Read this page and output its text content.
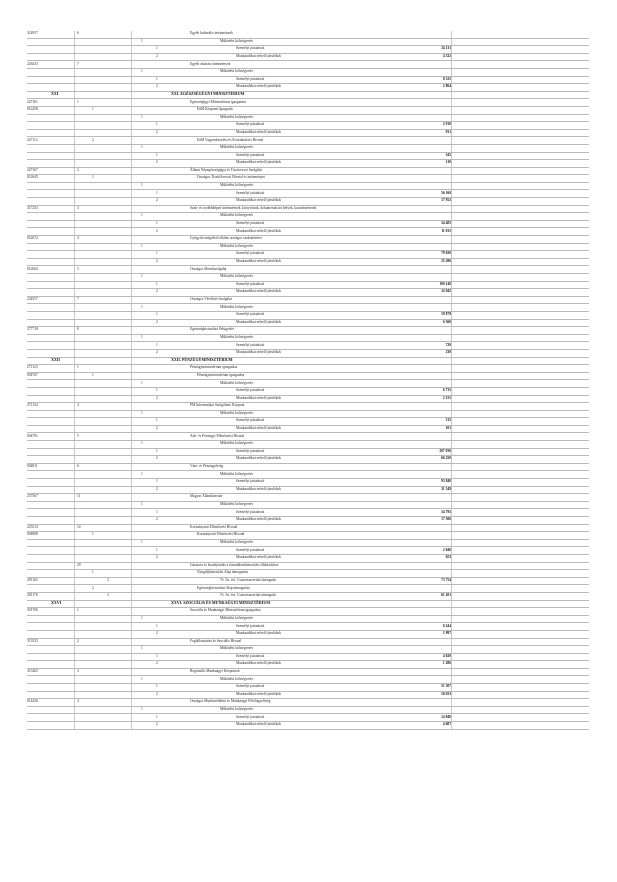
314957	6	Egyéb kulturális intézmények
1	Működési költségvetés
1	Személyi juttatások	34 131
2	Munkaadókat terhelő járulékok	4 522
226433	7	Egyéb oktatási intézmények
1	Működési költségvetés
1	Személyi juttatások	8 325
2	Munkaadókat terhelő járulékok	2 864
XXI	XXI. EGÉSZSÉGÜGYI MINISZTÉRIUM
247101	1	Egészségügyi Minisztérium igazgatása
012458	1	EüM Központi Igazgatás
1	Működési költségvetés
1	Személyi juttatások	2 910
2	Munkaadókat terhelő járulékok	931
247112	2	EüM Vagyonkezelési és Koordinációs Hivatal
1	Működési költségvetés
1	Személyi juttatások	345
2	Munkaadókat terhelő járulékok	110
247167	2	Állami Népegészségügyi és Tisztiorvosi Szolgálat
012645	1	Országos Tisztifőorvosi Hivatal és intézményei
1	Működési költségvetés
1	Személyi juttatások	56 160
2	Munkaadókat terhelő járulékok	17 952
317253	3	Szak- és továbbképző intézmények, könyvtárak, dokumentációs helyek, kutatóintézetek
1	Működési költségvetés
1	Személyi juttatások	34 485
2	Munkaadókat terhelő járulékok	11 035
012672	4	Gyógyító-megelőző ellátás országos szakintézetei
1	Működési költségvetés
1	Személyi juttatások	79 020
2	Munkaadókat terhelő járulékok	25 286
012664	5	Országos Mentőszolgálat
1	Működési költségvetés
1	Személyi juttatások	100 140
2	Munkaadókat terhelő járulékok	32 045
234557	7	Országos Vérellátó Szolgálat
1	Működési költségvetés
1	Személyi juttatások	19 879
2	Munkaadókat terhelő járulékok	6 360
277718	8	Egészségbiztosítási Felügyelet
1	Működési költségvetés
1	Személyi juttatások	720
2	Munkaadókat terhelő járulékok	230
XXII	XXII. PÉNZÜGYMINISZTÉRIUM
271123	1	Pénzügyminisztérium igazgatása
004767	1	Pénzügyminisztérium igazgatása
1	Működési költségvetés
1	Személyi juttatások	6 735
2	Munkaadókat terhelő járulékok	2 155
271134	4	PM Informatikai Szolgáltató Központ
1	Működési költségvetés
1	Személyi juttatások	315
2	Munkaadókat terhelő járulékok	101
004791	5	Adó- és Pénzügyi Ellenőrzési Hivatal
1	Működési költségvetés
1	Személyi juttatások	207 030
2	Munkaadókat terhelő járulékok	66 250
004811	6	Vám- és Pénzügyőrség
1	Működési költségvetés
1	Személyi juttatások	93 840
2	Munkaadókat terhelő járulékok	31 349
237567	11	Magyar Államkincstár
1	Működési költségvetés
1	Személyi juttatások	54 795
2	Munkaadókat terhelő járulékok	17 506
223514	14	Kormányzati Ellenőrzési Hivatal
004888	1	Kormányzati Ellenőrzési Hivatal
1	Működési költségvetés
1	Személyi juttatások	2 040
2	Munkaadókat terhelő járulékok	653
29	Garancia és hozzájárulás a társadalombiztosítási ellátásokhoz
1	Nyugdíjbiztosítási Alap támogatása
281165	3	Tv. Sz. évi. Csatornaszerinti támogatás	73 754
2	Egészségbiztosítási Alap támogatása
281176	3	Tv. Sz. évi. Csatornaszerinti támogatás	61 201
XXVI	XXVI. SZOCIÁLIS ÉS MUNKAÜGYI MINISZTÉRIUM
301706	1	Szociális és Munkaügyi Minisztérium igazgatása
1	Működési költségvetés
1	Személyi juttatások	6 244
2	Munkaadókat terhelő járulékok	1 997
313535	2	Foglalkoztatási és Szociális Hivatal
1	Működési költségvetés
1	Személyi juttatások	4 020
2	Munkaadókat terhelő járulékok	1 286
315402	3	Regionális Munkaügyi Központok
1	Működési költségvetés
1	Személyi juttatások	51 307
2	Munkaadókat terhelő járulékok	16 023
014426	4	Országos Munkavédelmi és Munkaügyi Főfelügyelőség
1	Működési költségvetés
1	Személyi juttatások	14 840
2	Munkaadókat terhelő járulékok	4 687
